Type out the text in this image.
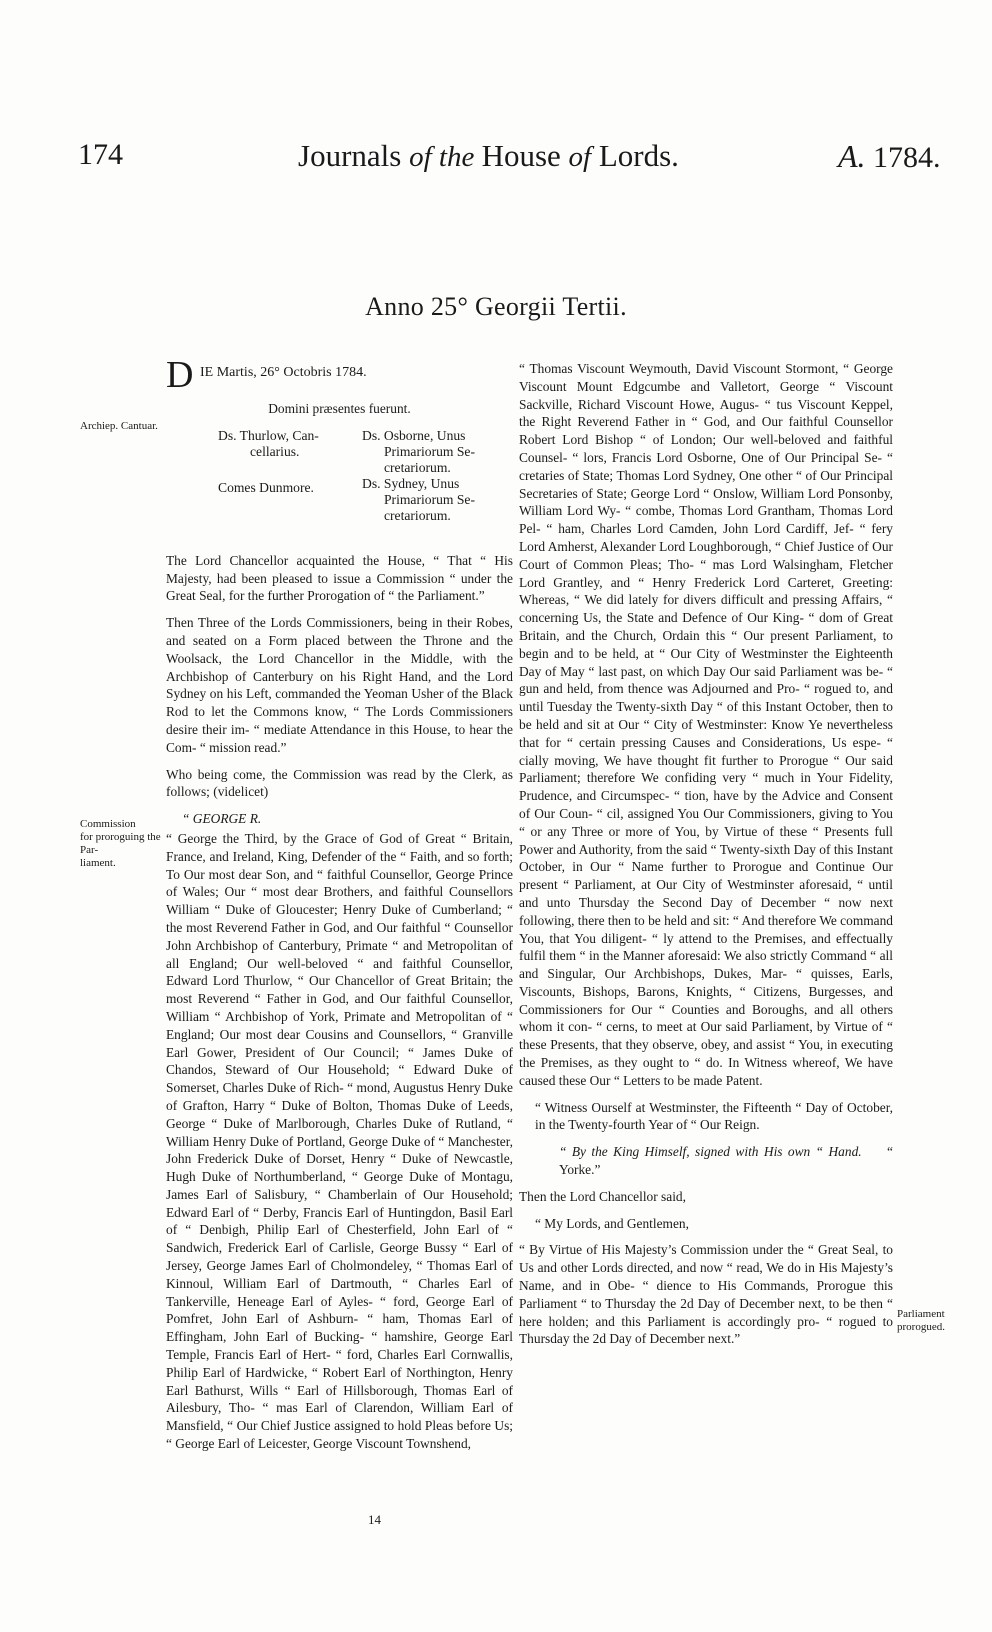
174	Journals of the House of Lords.	A. 1784.
Anno 25° Georgii Tertii.
Archiep. Cantuar.
Commission
for proroguing the Par-
liament.
Parliament
prorogued.
D IE Martis, 26° Octobris 1784.
Domini præsentes fuerunt.
Ds. Thurlow, Can-
cellarius.
Comes Dunmore.
Ds. Osborne, Unus
Primariorum Se-
cretariorum.
Ds. Sydney, Unus
Primariorum Se-
cretariorum.

The Lord Chancellor acquainted the House, “ That “ His Majesty, had been pleased to issue a Commission “ under the Great Seal, for the further Prorogation of “ the Parliament.”

Then Three of the Lords Commissioners, being in their Robes, and seated on a Form placed between the Throne and the Woolsack, the Lord Chancellor in the Middle, with the Archbishop of Canterbury on his Right Hand, and the Lord Sydney on his Left, commanded the Yeoman Usher of the Black Rod to let the Commons know, “ The Lords Commissioners desire their im- “ mediate Attendance in this House, to hear the Com- “ mission read.”

Who being come, the Commission was read by the Clerk, as follows; (videlicet)

“ GEORGE R.

“ George the Third, by the Grace of God of Great “ Britain, France, and Ireland, King, Defender of the “ Faith, and so forth; To Our most dear Son, and “ faithful Counsellor, George Prince of Wales; Our “ most dear Brothers, and faithful Counsellors William “ Duke of Gloucester; Henry Duke of Cumberland; “ the most Reverend Father in God, and Our faithful “ Counsellor John Archbishop of Canterbury, Primate “ and Metropolitan of all England; Our well-beloved “ and faithful Counsellor, Edward Lord Thurlow, “ Our Chancellor of Great Britain; the most Reverend “ Father in God, and Our faithful Counsellor, William “ Archbishop of York, Primate and Metropolitan of “ England; Our most dear Cousins and Counsellors, “ Granville Earl Gower, President of Our Council; “ James Duke of Chandos, Steward of Our Household; “ Edward Duke of Somerset, Charles Duke of Rich- “ mond, Augustus Henry Duke of Grafton, Harry “ Duke of Bolton, Thomas Duke of Leeds, George “ Duke of Marlborough, Charles Duke of Rutland, “ William Henry Duke of Portland, George Duke of “ Manchester, John Frederick Duke of Dorset, Henry “ Duke of Newcastle, Hugh Duke of Northumberland, “ George Duke of Montagu, James Earl of Salisbury, “ Chamberlain of Our Household; Edward Earl of “ Derby, Francis Earl of Huntingdon, Basil Earl of “ Denbigh, Philip Earl of Chesterfield, John Earl of “ Sandwich, Frederick Earl of Carlisle, George Bussy “ Earl of Jersey, George James Earl of Cholmondeley, “ Thomas Earl of Kinnoul, William Earl of Dartmouth, “ Charles Earl of Tankerville, Heneage Earl of Ayles- “ ford, George Earl of Pomfret, John Earl of Ashburn- “ ham, Thomas Earl of Effingham, John Earl of Bucking- “ hamshire, George Earl Temple, Francis Earl of Hert- “ ford, Charles Earl Cornwallis, Philip Earl of Hardwicke, “ Robert Earl of Northington, Henry Earl Bathurst, Wills “ Earl of Hillsborough, Thomas Earl of Ailesbury, Tho- “ mas Earl of Clarendon, William Earl of Mansfield, “ Our Chief Justice assigned to hold Pleas before Us; “ George Earl of Leicester, George Viscount Townshend,

14

“ Thomas Viscount Weymouth, David Viscount Stormont, “ George Viscount Mount Edgcumbe and Valletort, George “ Viscount Sackville, Richard Viscount Howe, Augus- “ tus Viscount Keppel, the Right Reverend Father in “ God, and Our faithful Counsellor Robert Lord Bishop “ of London; Our well-beloved and faithful Counsel- “ lors, Francis Lord Osborne, One of Our Principal Se- “ cretaries of State; Thomas Lord Sydney, One other “ of Our Principal Secretaries of State; George Lord “ Onslow, William Lord Ponsonby, William Lord Wy- “ combe, Thomas Lord Grantham, Thomas Lord Pel- “ ham, Charles Lord Camden, John Lord Cardiff, Jef- “ fery Lord Amherst, Alexander Lord Loughborough, “ Chief Justice of Our Court of Common Pleas; Tho- “ mas Lord Walsingham, Fletcher Lord Grantley, and “ Henry Frederick Lord Carteret, Greeting: Whereas, “ We did lately for divers difficult and pressing Affairs, “ concerning Us, the State and Defence of Our King- “ dom of Great Britain, and the Church, Ordain this “ Our present Parliament, to begin and to be held, at “ Our City of Westminster the Eighteenth Day of May “ last past, on which Day Our said Parliament was be- “ gun and held, from thence was Adjourned and Pro- “ rogued to, and until Tuesday the Twenty-sixth Day “ of this Instant October, then to be held and sit at Our “ City of Westminster: Know Ye nevertheless that for “ certain pressing Causes and Considerations, Us espe- “ cially moving, We have thought fit further to Prorogue “ Our said Parliament; therefore We confiding very “ much in Your Fidelity, Prudence, and Circumspec- “ tion, have by the Advice and Consent of Our Coun- “ cil, assigned You Our Commissioners, giving to You “ or any Three or more of You, by Virtue of these “ Presents full Power and Authority, from the said “ Twenty-sixth Day of this Instant October, in Our “ Name further to Prorogue and Continue Our present “ Parliament, at Our City of Westminster aforesaid, “ until and unto Thursday the Second Day of December “ now next following, there then to be held and sit: “ And therefore We command You, that You diligent- “ ly attend to the Premises, and effectually fulfil them “ in the Manner aforesaid: We also strictly Command “ all and Singular, Our Archbishops, Dukes, Mar- “ quisses, Earls, Viscounts, Bishops, Barons, Knights, “ Citizens, Burgesses, and Commissioners for Our “ Counties and Boroughs, and all others whom it con- “ cerns, to meet at Our said Parliament, by Virtue of “ these Presents, that they observe, obey, and assist “ You, in executing the Premises, as they ought to “ do. In Witness whereof, We have caused these Our “ Letters to be made Patent.

“ Witness Ourself at Westminster, the Fifteenth “ Day of October, in the Twenty-fourth Year of “ Our Reign.

“ By the King Himself, signed with His own “ Hand. “ Yorke.”

Then the Lord Chancellor said,

“ My Lords, and Gentlemen,

“ By Virtue of His Majesty’s Commission under the “ Great Seal, to Us and other Lords directed, and now “ read, We do in His Majesty’s Name, and in Obe- “ dience to His Commands, Prorogue this Parliament “ to Thursday the 2d Day of December next, to be then “ here holden; and this Parliament is accordingly pro- “ rogued to Thursday the 2d Day of December next.”
